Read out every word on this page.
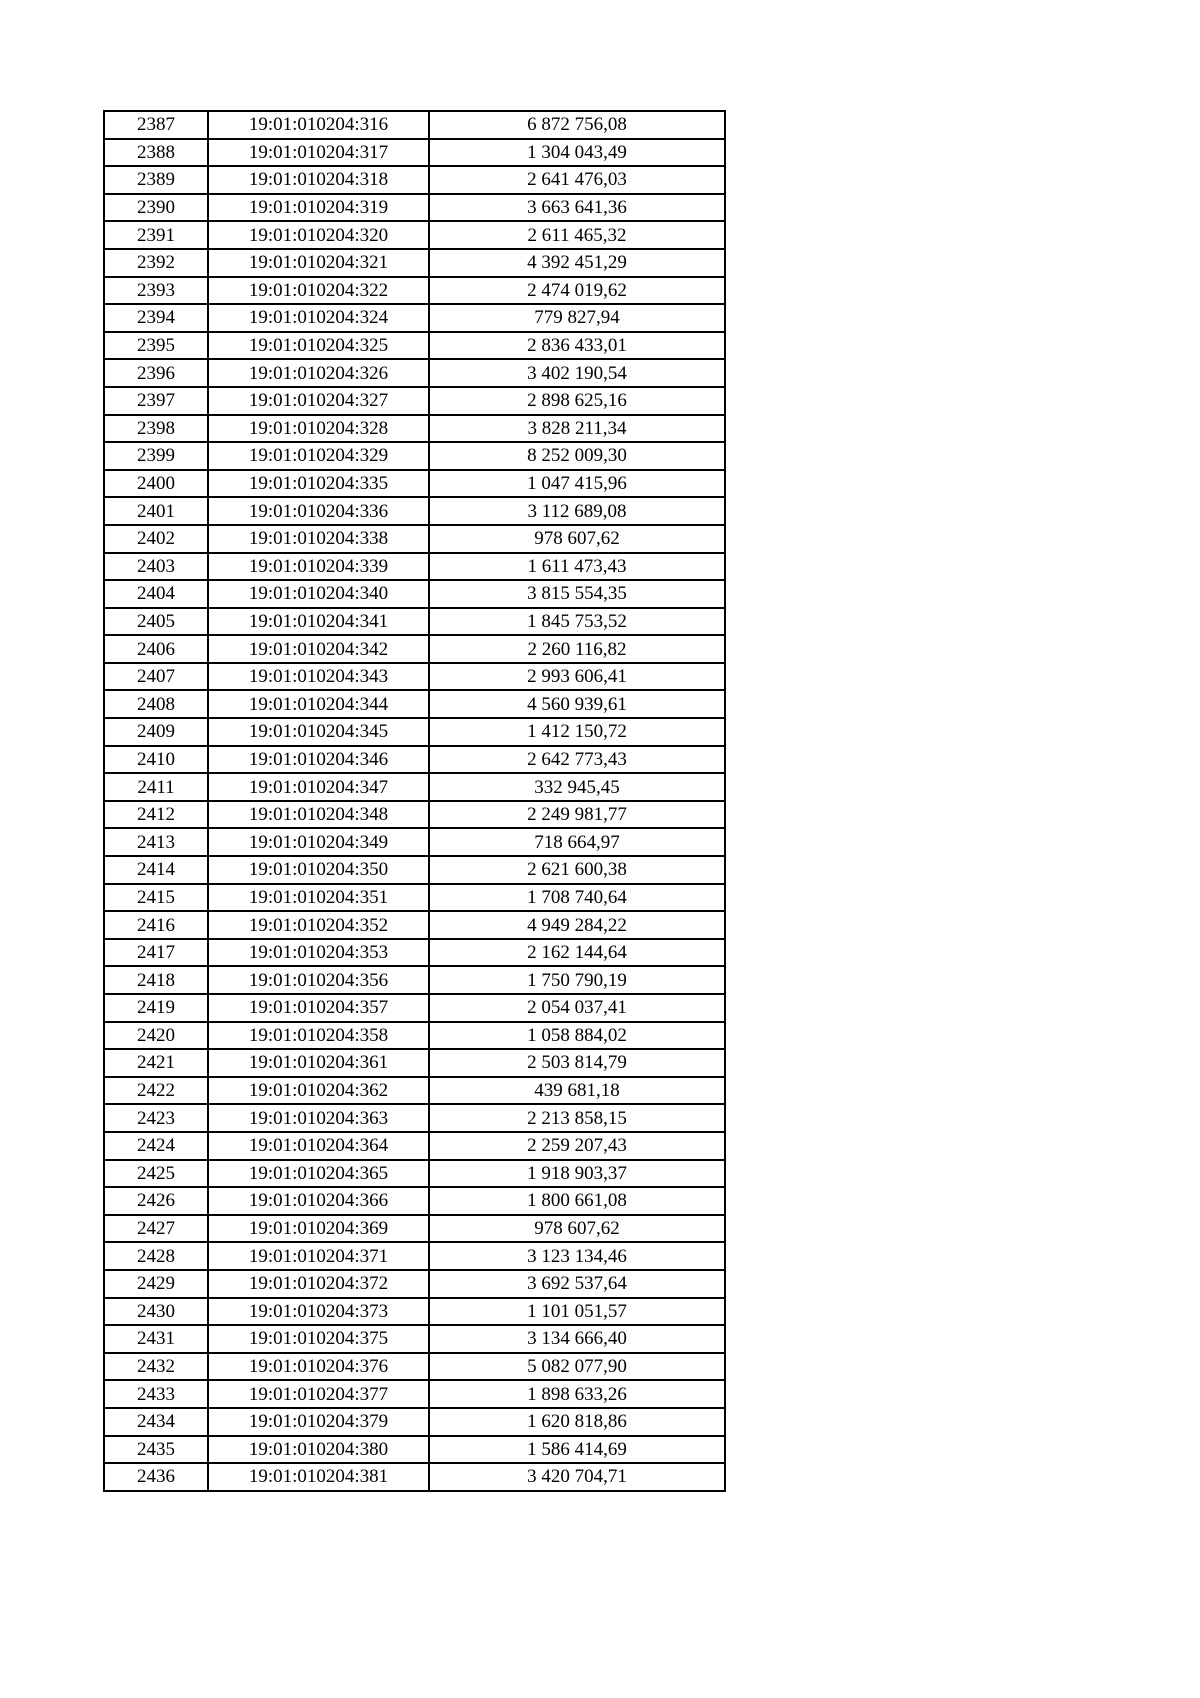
2387	19:01:010204:316	6 872 756,08
2388	19:01:010204:317	1 304 043,49
2389	19:01:010204:318	2 641 476,03
2390	19:01:010204:319	3 663 641,36
2391	19:01:010204:320	2 611 465,32
2392	19:01:010204:321	4 392 451,29
2393	19:01:010204:322	2 474 019,62
2394	19:01:010204:324	779 827,94
2395	19:01:010204:325	2 836 433,01
2396	19:01:010204:326	3 402 190,54
2397	19:01:010204:327	2 898 625,16
2398	19:01:010204:328	3 828 211,34
2399	19:01:010204:329	8 252 009,30
2400	19:01:010204:335	1 047 415,96
2401	19:01:010204:336	3 112 689,08
2402	19:01:010204:338	978 607,62
2403	19:01:010204:339	1 611 473,43
2404	19:01:010204:340	3 815 554,35
2405	19:01:010204:341	1 845 753,52
2406	19:01:010204:342	2 260 116,82
2407	19:01:010204:343	2 993 606,41
2408	19:01:010204:344	4 560 939,61
2409	19:01:010204:345	1 412 150,72
2410	19:01:010204:346	2 642 773,43
2411	19:01:010204:347	332 945,45
2412	19:01:010204:348	2 249 981,77
2413	19:01:010204:349	718 664,97
2414	19:01:010204:350	2 621 600,38
2415	19:01:010204:351	1 708 740,64
2416	19:01:010204:352	4 949 284,22
2417	19:01:010204:353	2 162 144,64
2418	19:01:010204:356	1 750 790,19
2419	19:01:010204:357	2 054 037,41
2420	19:01:010204:358	1 058 884,02
2421	19:01:010204:361	2 503 814,79
2422	19:01:010204:362	439 681,18
2423	19:01:010204:363	2 213 858,15
2424	19:01:010204:364	2 259 207,43
2425	19:01:010204:365	1 918 903,37
2426	19:01:010204:366	1 800 661,08
2427	19:01:010204:369	978 607,62
2428	19:01:010204:371	3 123 134,46
2429	19:01:010204:372	3 692 537,64
2430	19:01:010204:373	1 101 051,57
2431	19:01:010204:375	3 134 666,40
2432	19:01:010204:376	5 082 077,90
2433	19:01:010204:377	1 898 633,26
2434	19:01:010204:379	1 620 818,86
2435	19:01:010204:380	1 586 414,69
2436	19:01:010204:381	3 420 704,71
